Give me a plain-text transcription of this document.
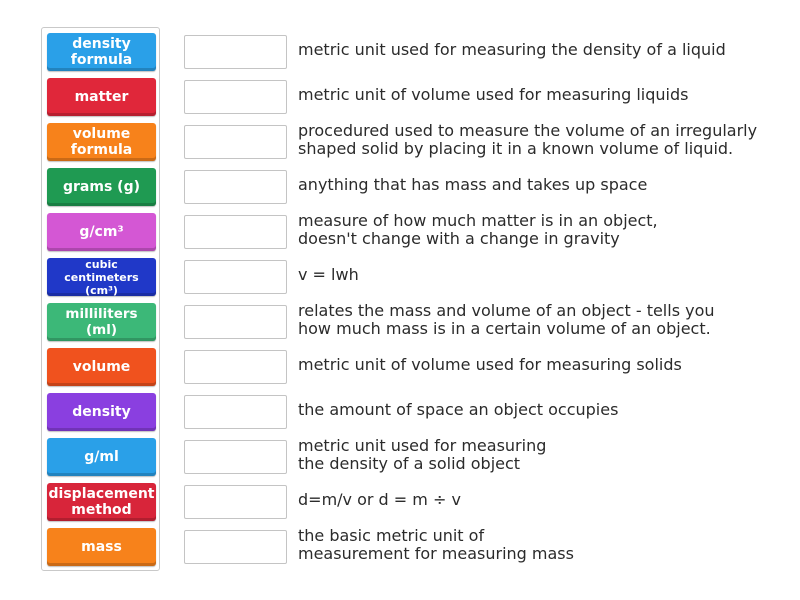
density
formula
matter
volume
formula
grams (g)
g/cm³
cubic
centimeters (cm³)
milliliters (ml)
volume
density
g/ml
displacement
method
mass
metric unit used for measuring the density of a liquid
metric unit of volume used for measuring liquids
procedured used to measure the volume of an irregularly
shaped solid by placing it in a known volume of liquid.
anything that has mass and takes up space
measure of how much matter is in an object,
doesn't change with a change in gravity
v = lwh
relates the mass and volume of an object - tells you
how much mass is in a certain volume of an object.
metric unit of volume used for measuring solids
the amount of space an object occupies
metric unit used for measuring
the density of a solid object
d=m/v or d = m ÷ v
the basic metric unit of
measurement for measuring mass
